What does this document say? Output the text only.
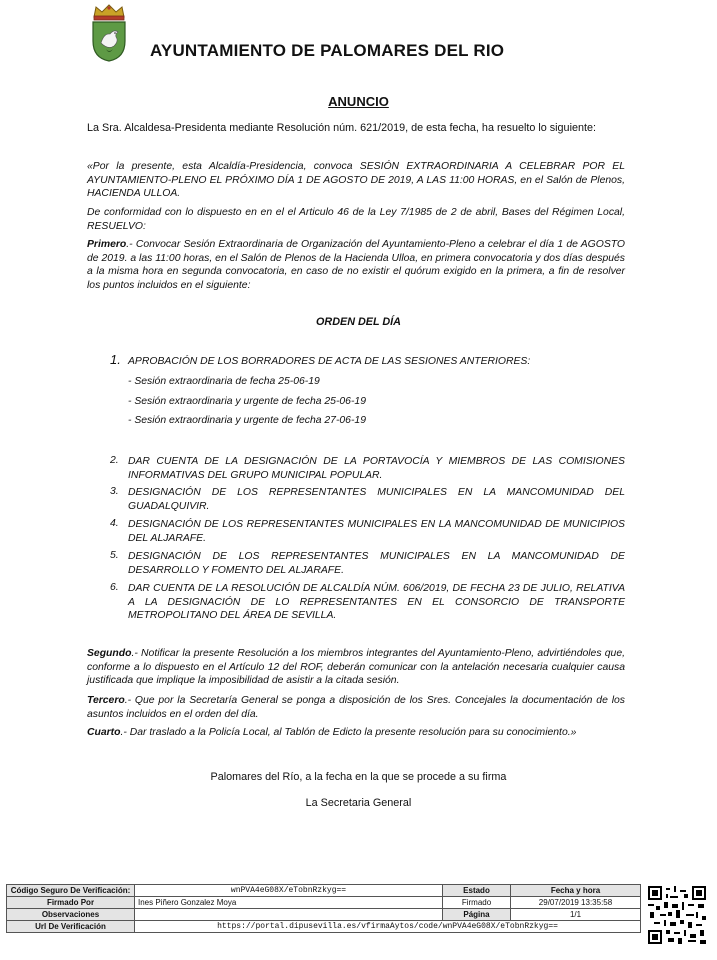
AYUNTAMIENTO DE PALOMARES DEL RIO
ANUNCIO
La Sra. Alcaldesa-Presidenta mediante Resolución núm. 621/2019, de esta fecha, ha resuelto lo siguiente:
«Por la presente, esta Alcaldía-Presidencia, convoca SESIÓN EXTRAORDINARIA A CELEBRAR POR EL AYUNTAMIENTO-PLENO EL PRÓXIMO DÍA 1 DE AGOSTO DE 2019, A LAS 11:00 HORAS, en el Salón de Plenos, HACIENDA ULLOA.
De conformidad con lo dispuesto en en el el Articulo 46 de la Ley 7/1985 de 2 de abril, Bases del Régimen Local, RESUELVO:
Primero.- Convocar Sesión Extraordinaria de Organización del Ayuntamiento-Pleno a celebrar el día 1 de AGOSTO de 2019. a las 11:00 horas, en el Salón de Plenos de la Hacienda Ulloa, en primera convocatoria y dos días después a la misma hora en segunda convocatoria, en caso de no existir el quórum exigido en la primera, a fin de resolver los puntos incluidos en el siguiente:
ORDEN DEL DÍA
1. APROBACIÓN DE LOS BORRADORES DE ACTA DE LAS SESIONES ANTERIORES:
- Sesión extraordinaria de fecha 25-06-19
- Sesión extraordinaria y urgente de fecha 25-06-19
- Sesión extraordinaria y urgente de fecha 27-06-19
2. DAR CUENTA DE LA DESIGNACIÓN DE LA PORTAVOCÍA Y MIEMBROS DE LAS COMISIONES INFORMATIVAS DEL GRUPO MUNICIPAL POPULAR.
3. DESIGNACIÓN DE LOS REPRESENTANTES MUNICIPALES EN LA MANCOMUNIDAD DEL GUADALQUIVIR.
4. DESIGNACIÓN DE LOS REPRESENTANTES MUNICIPALES EN LA MANCOMUNIDAD DE MUNICIPIOS DEL ALJARAFE.
5. DESIGNACIÓN DE LOS REPRESENTANTES MUNICIPALES EN LA MANCOMUNIDAD DE DESARROLLO Y FOMENTO DEL ALJARAFE.
6. DAR CUENTA DE LA RESOLUCIÓN DE ALCALDÍA NÚM. 606/2019, DE FECHA 23 DE JULIO, RELATIVA A LA DESIGNACIÓN DE LO REPRESENTANTES EN EL CONSORCIO DE TRANSPORTE METROPOLITANO DEL ÁREA DE SEVILLA.
Segundo.- Notificar la presente Resolución a los miembros integrantes del Ayuntamiento-Pleno, advirtiéndoles que, conforme a lo dispuesto en el Artículo 12 del ROF, deberán comunicar con la antelación necesaria cualquier causa justificada que implique la imposibilidad de asistir a la citada sesión.
Tercero.- Que por la Secretaría General se ponga a disposición de los Sres. Concejales la documentación de los asuntos incluidos en el orden del día.
Cuarto.- Dar traslado a la Policía Local, al Tablón de Edicto la presente resolución para su conocimiento.»
Palomares del Río, a la fecha en la que se procede a su firma
La Secretaria General
Código Seguro De Verificación:	wnPVA4eG08X/eTobnRzkyg==	Estado	Fecha y hora
Firmado Por	Ines Piñero Gonzalez Moya	Firmado	29/07/2019 13:35:58
Observaciones		Página	1/1
Url De Verificación	https://portal.dipusevilla.es/vfirmaAytos/code/wnPVA4eG08X/eTobnRzkyg==		
